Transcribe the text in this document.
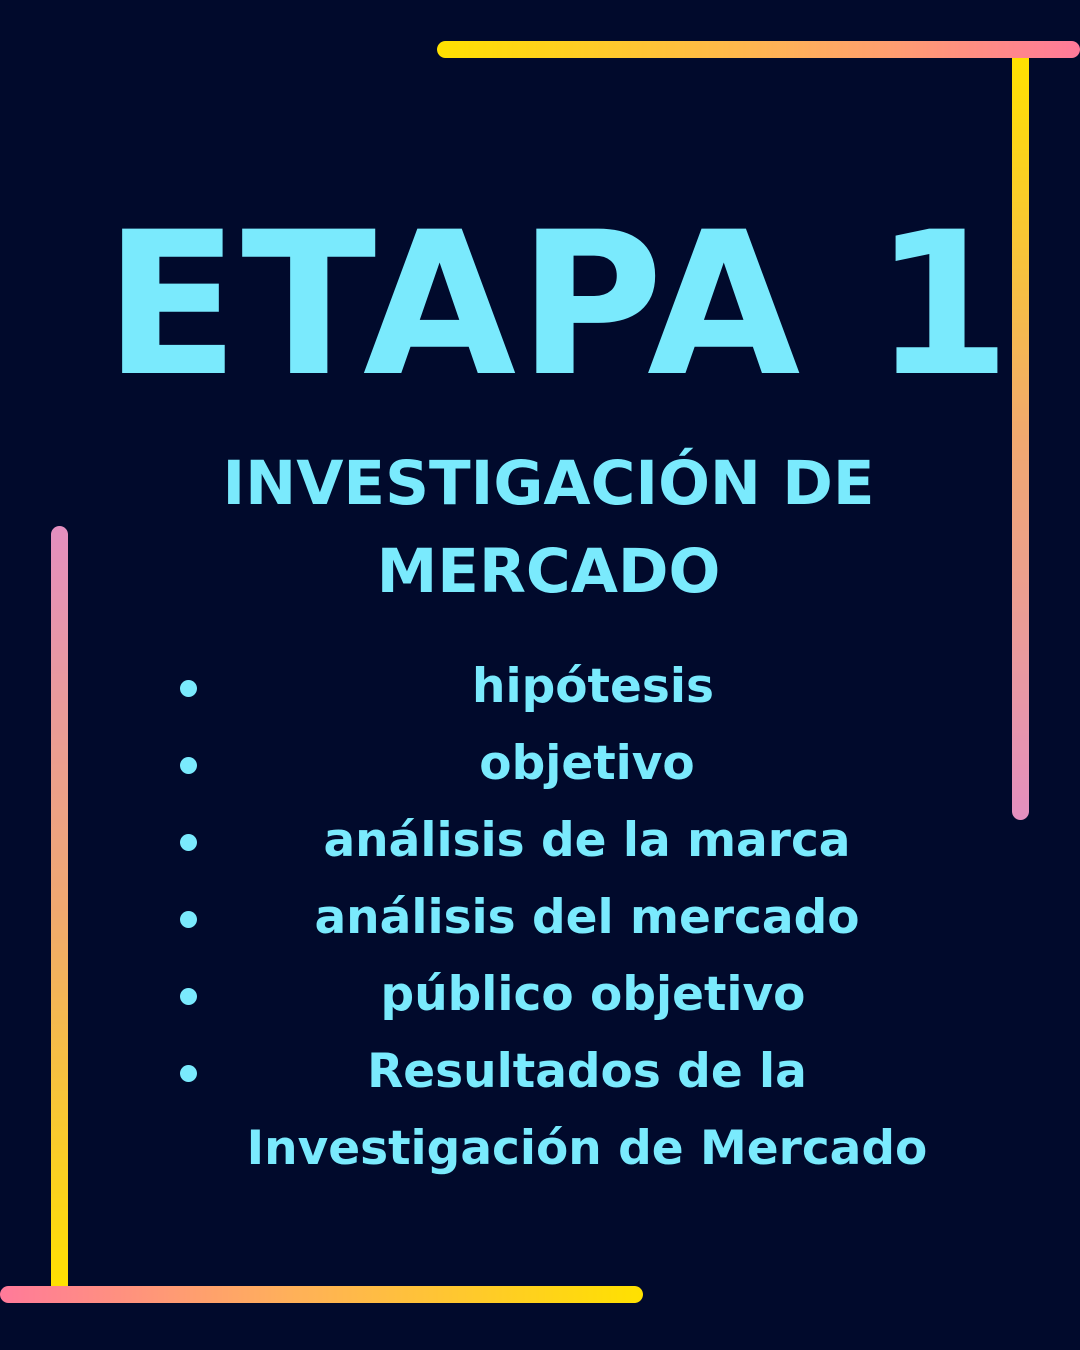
ETAPA 1
INVESTIGACIÓN DE
MERCADO
hipótesis
objetivo
análisis de la marca
análisis del mercado
público objetivo
Resultados de la
Investigación de Mercado
